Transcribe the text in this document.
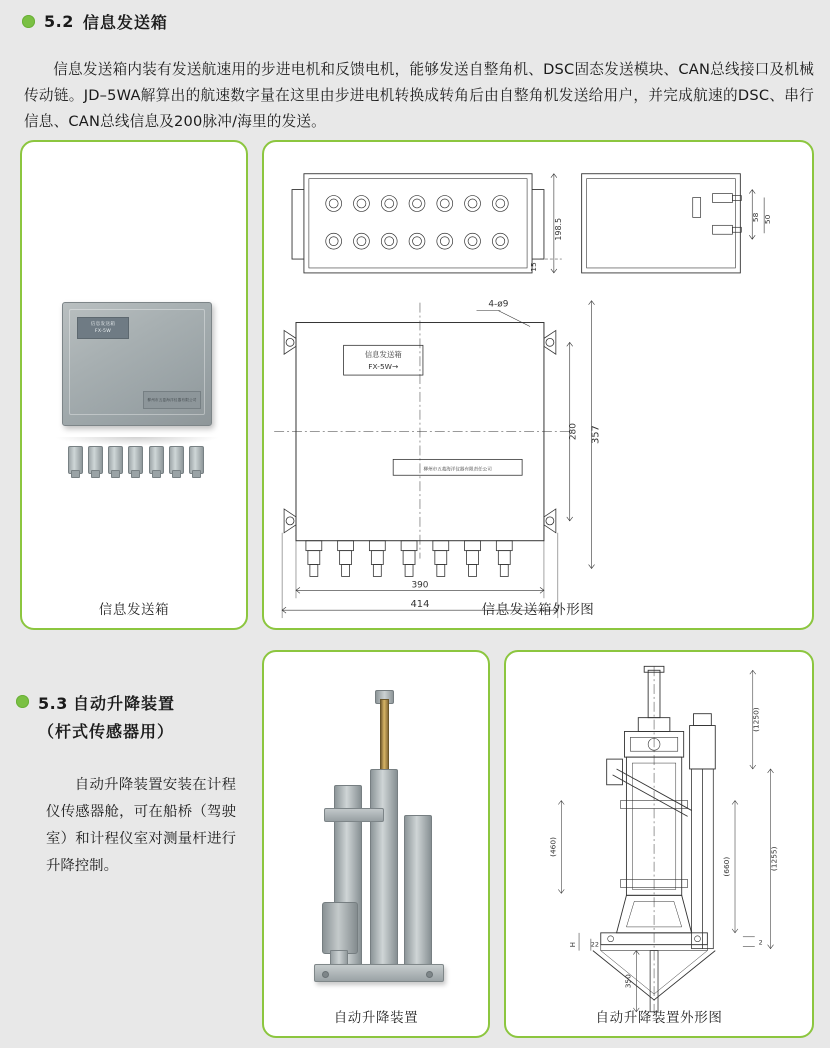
5.2 信息发送箱

信息发送箱内装有发送航速用的步进电机和反馈电机，能够发送自整角机、DSC固态发送模块、CAN总线接口及机械传动链。JD–5WA解算出的航速数字量在这里由步进电机转换成转角后由自整角机发送给用户，并完成航速的DSC、串行信息、CAN总线信息及200脉冲/海里的发送。

信息发送箱
FX-5W
柳州市五菱海洋仪器有限公司
信息发送箱
198.5
15
58 50
4-ø9
信息发送箱
FX-5W→
柳州市五菱海洋仪器有限责任公司
280 357
390
414	信息发送箱外形图
5.3 自动升降装置
（杆式传感器用）

自动升降装置安装在计程仪传感器舱，可在船桥（驾驶室）和计程仪室对测量杆进行升降控制。

自动升降装置
(1250)
(1255)
(460)
(660)
350
H 22	2
自动升降装置外形图
